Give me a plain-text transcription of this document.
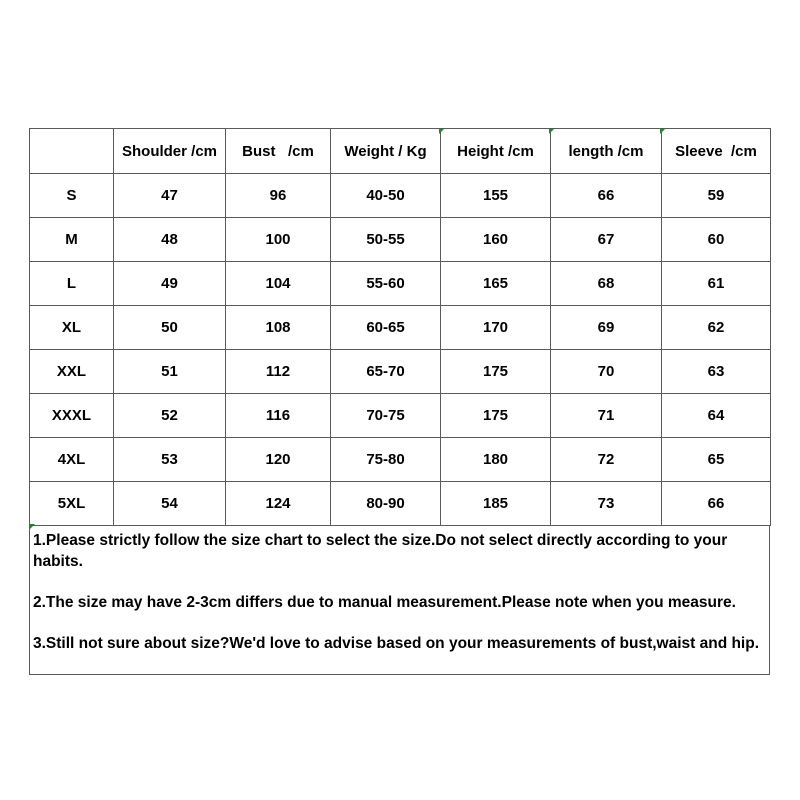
	Shoulder /cm	Bust   /cm	Weight / Kg	Height /cm	length /cm	Sleeve  /cm
S	47	96	40-50	155	66	59
M	48	100	50-55	160	67	60
L	49	104	55-60	165	68	61
XL	50	108	60-65	170	69	62
XXL	51	112	65-70	175	70	63
XXXL	52	116	70-75	175	71	64
4XL	53	120	75-80	180	72	65
5XL	54	124	80-90	185	73	66

1.Please strictly follow the size chart to select the size.Do not select directly according to your habits.

2.The size may have 2-3cm differs due to manual measurement.Please note when you measure.

3.Still not sure about size?We'd love to advise based on your measurements of bust,waist and hip.
